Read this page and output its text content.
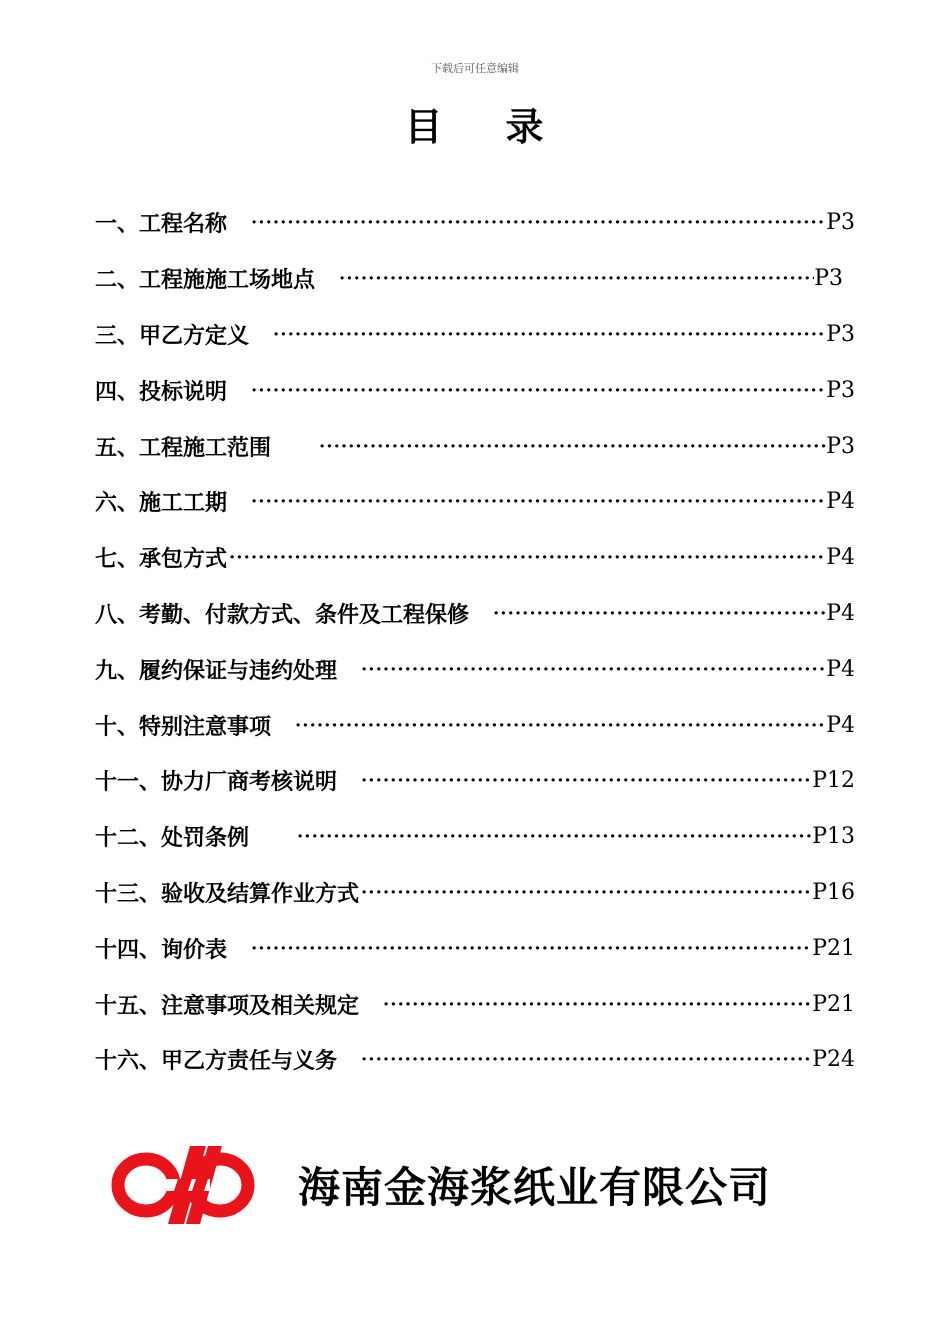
下载后可任意编辑
目    录
一、 工程名称 ·····	P3
二、 工程施施工场地点 ·····	P3
三、 甲乙方定义 ·····	P3
四、 投标说明 ·····	P3
五、 工程施工范围 ·····	P3
六、 施工工期 ·····	P4
七、 承包方式 ·····	P4
八、 考勤、付款方式、条件及工程保修 ·····	P4
九、 履约保证与违约处理 ·····	P4
十、 特别注意事项 ·····	P4
十一、 协力厂商考核说明 ·····	P12
十二、 处罚条例 ·····	P13
十三、 验收及结算作业方式 ·····	P16
十四、 询价表 ·····	P21
十五、 注意事项及相关规定 ·····	P21
十六、 甲乙方责任与义务 ·····	P24
海南金海浆纸业有限公司
